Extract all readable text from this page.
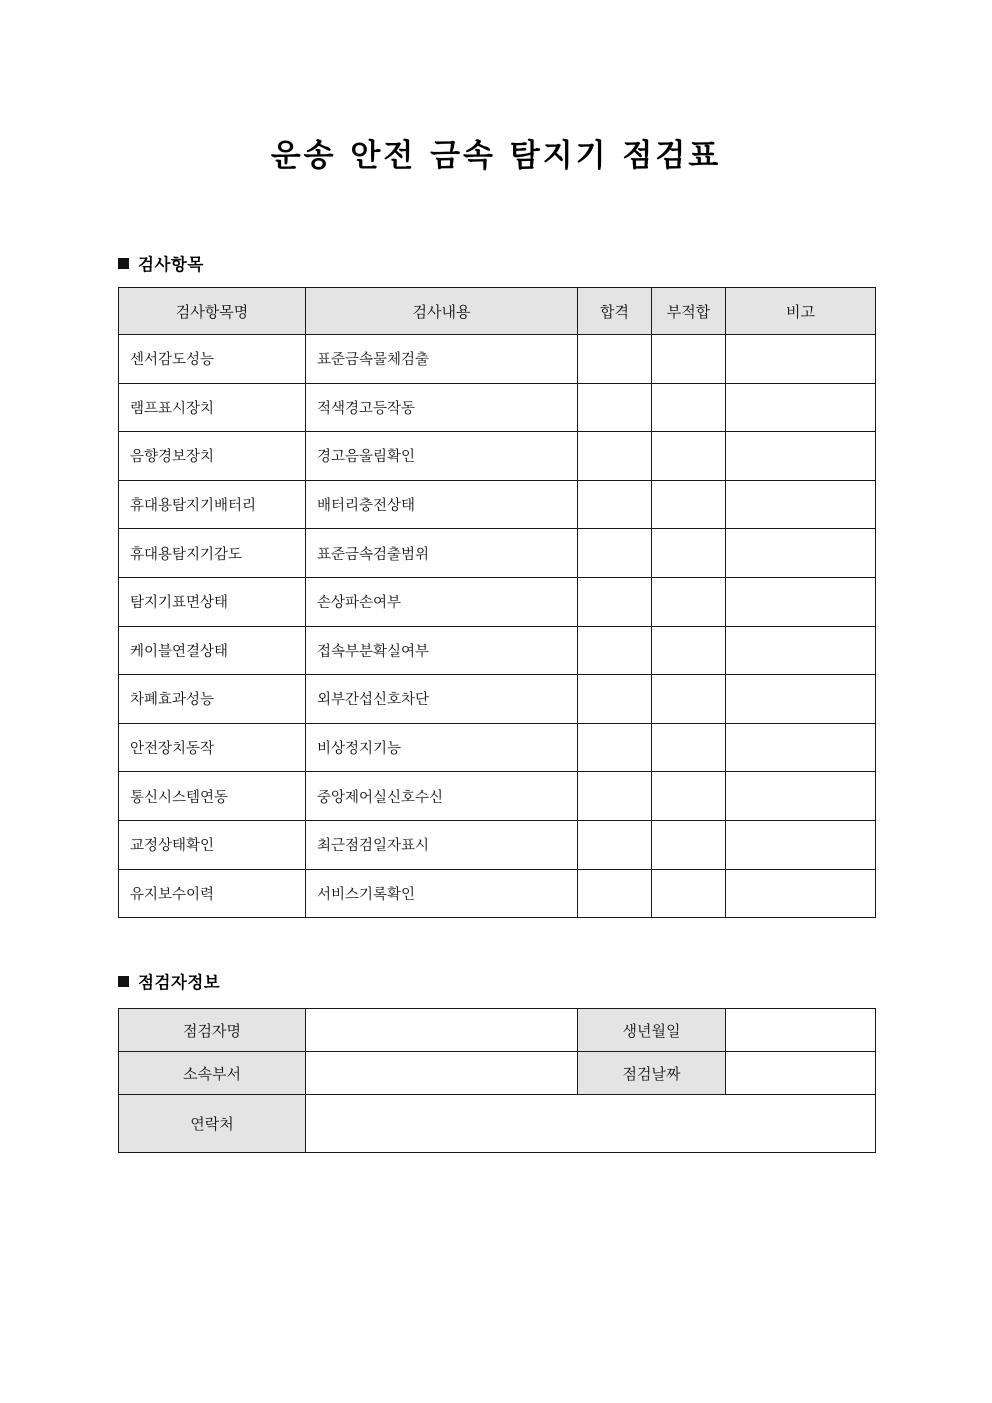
운송 안전 금속 탐지기 점검표
검사항목
검사항목명	검사내용	합격	부적합	비고
센서감도성능	표준금속물체검출			
램프표시장치	적색경고등작동			
음향경보장치	경고음울림확인			
휴대용탐지기배터리	배터리충전상태			
휴대용탐지기감도	표준금속검출범위			
탐지기표면상태	손상파손여부			
케이블연결상태	접속부분확실여부			
차폐효과성능	외부간섭신호차단			
안전장치동작	비상정지기능			
통신시스템연동	중앙제어실신호수신			
교정상태확인	최근점검일자표시			
유지보수이력	서비스기록확인			
점검자정보
점검자명		생년월일	
소속부서		점검날짜	
연락처			
